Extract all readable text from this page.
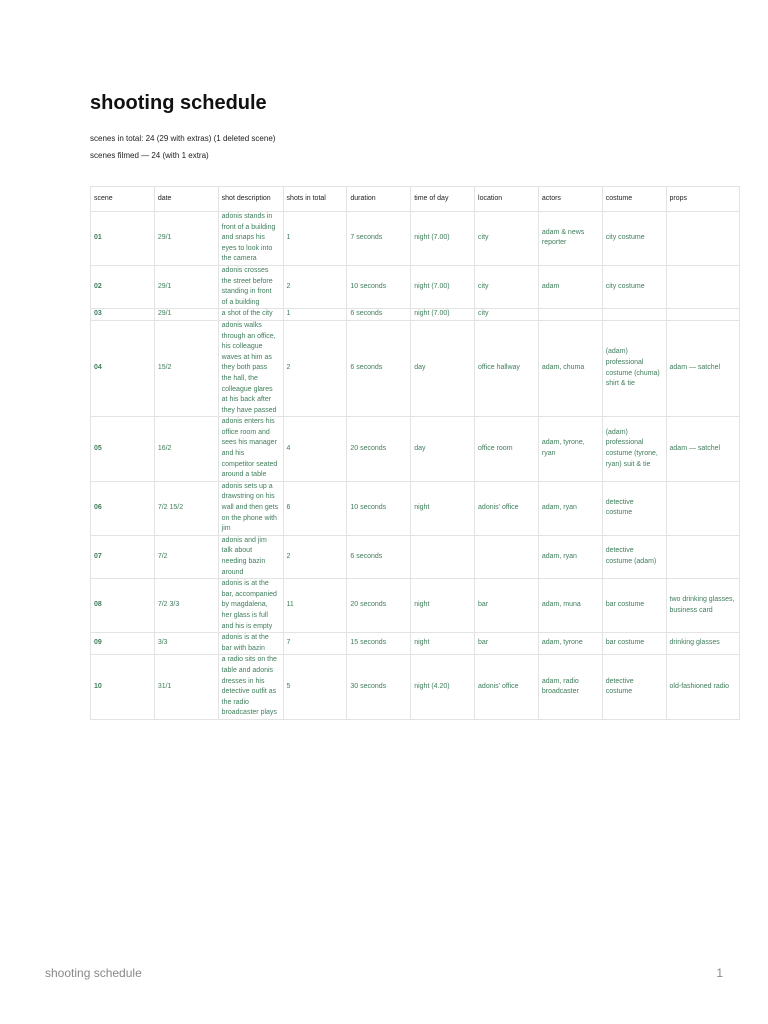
shooting schedule
scenes in total: 24 (29 with extras) (1 deleted scene)
scenes filmed — 24 (with 1 extra)
scene	date	shot description	shots in total	duration	time of day	location	actors	costume	props
01	29/1	adonis stands in front of a building and snaps his eyes to look into the camera	1	7 seconds	night (7.00)	city	adam & news reporter	city costume	
02	29/1	adonis crosses the street before standing in front of a building	2	10 seconds	night (7.00)	city	adam	city costume	
03	29/1	a shot of the city	1	6 seconds	night (7.00)	city			
04	15/2	adonis walks through an office, his colleague waves at him as they both pass the hall, the colleague glares at his back after they have passed	2	6 seconds	day	office hallway	adam, chuma	(adam) professional costume (chuma) shirt & tie	adam — satchel
05	16/2	adonis enters his office room and sees his manager and his competitor seated around a table	4	20 seconds	day	office room	adam, tyrone, ryan	(adam) professional costume (tyrone, ryan) suit & tie	adam — satchel
06	7/2 15/2	adonis sets up a drawstring on his wall and then gets on the phone with jim	6	10 seconds	night	adonis' office	adam, ryan	detective costume	
07	7/2	adonis and jim talk about needing bazin around	2	6 seconds			adam, ryan	detective costume (adam)	
08	7/2 3/3	adonis is at the bar, accompanied by magdalena, her glass is full and his is empty	11	20 seconds	night	bar	adam, muna	bar costume	two drinking glasses, business card
09	3/3	adonis is at the bar with bazin	7	15 seconds	night	bar	adam, tyrone	bar costume	drinking glasses
10	31/1	a radio sits on the table and adonis dresses in his detective outfit as the radio broadcaster plays	5	30 seconds	night (4.20)	adonis' office	adam, radio broadcaster	detective costume	old-fashioned radio
shooting schedule	1
